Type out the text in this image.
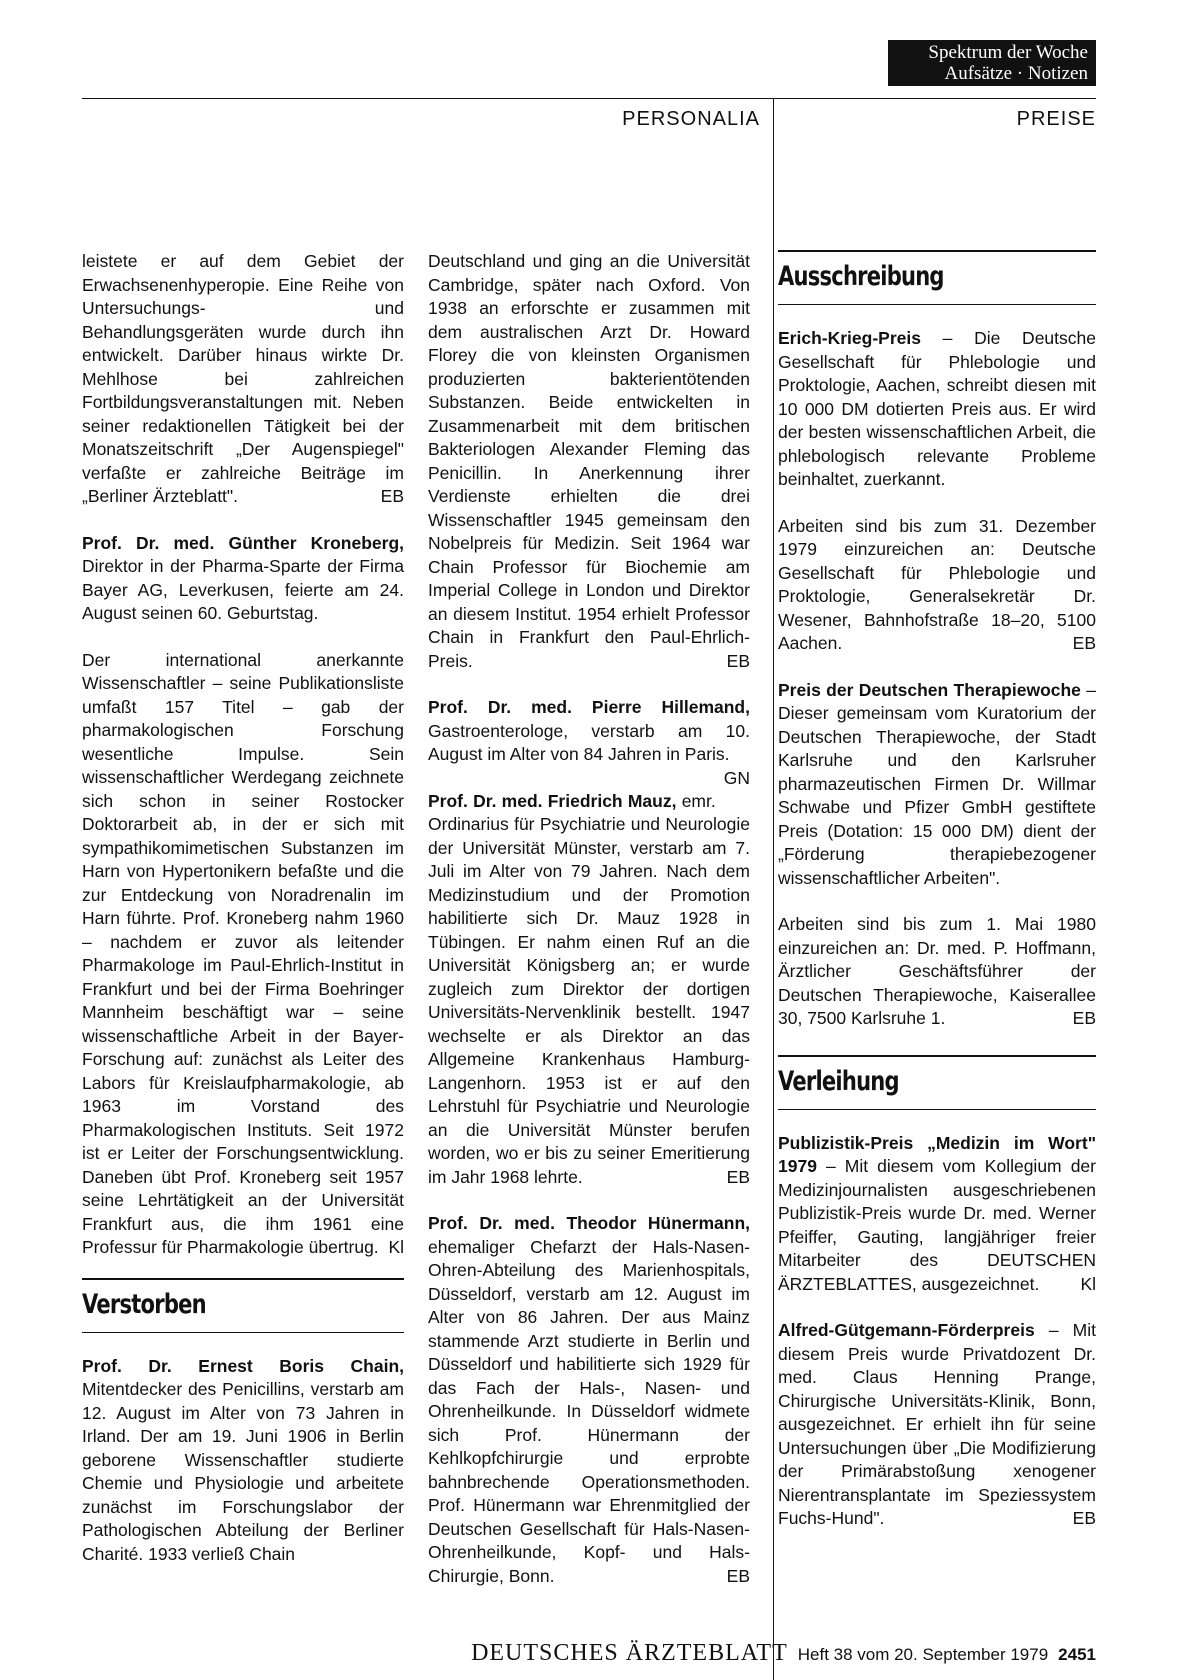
Spektrum der Woche
Aufsätze · Notizen
PERSONALIA	PREISE

leistete er auf dem Gebiet der Erwachsenenhyperopie. Eine Reihe von Untersuchungs- und Behandlungsgeräten wurde durch ihn entwickelt. Darüber hinaus wirkte Dr. Mehlhose bei zahlreichen Fortbildungsveranstaltungen mit. Neben seiner redaktionellen Tätigkeit bei der Monatszeitschrift „Der Augenspiegel" verfaßte er zahlreiche Beiträge im „Berliner Ärzteblatt".	EB

Prof. Dr. med. Günther Kroneberg, Direktor in der Pharma-Sparte der Firma Bayer AG, Leverkusen, feierte am 24. August seinen 60. Geburtstag.

Der international anerkannte Wissenschaftler – seine Publikationsliste umfaßt 157 Titel – gab der pharmakologischen Forschung wesentliche Impulse. Sein wissenschaftlicher Werdegang zeichnete sich schon in seiner Rostocker Doktorarbeit ab, in der er sich mit sympathikomimetischen Substanzen im Harn von Hypertonikern befaßte und die zur Entdeckung von Noradrenalin im Harn führte. Prof. Kroneberg nahm 1960 – nachdem er zuvor als leitender Pharmakologe im Paul-Ehrlich-Institut in Frankfurt und bei der Firma Boehringer Mannheim beschäftigt war – seine wissenschaftliche Arbeit in der Bayer-Forschung auf: zunächst als Leiter des Labors für Kreislaufpharmakologie, ab 1963 im Vorstand des Pharmakologischen Instituts. Seit 1972 ist er Leiter der Forschungsentwicklung. Daneben übt Prof. Kroneberg seit 1957 seine Lehrtätigkeit an der Universität Frankfurt aus, die ihm 1961 eine Professur für Pharmakologie übertrug. Kl

Verstorben

Prof. Dr. Ernest Boris Chain, Mitentdecker des Penicillins, verstarb am 12. August im Alter von 73 Jahren in Irland. Der am 19. Juni 1906 in Berlin geborene Wissenschaftler studierte Chemie und Physiologie und arbeitete zunächst im Forschungslabor der Pathologischen Abteilung der Berliner Charité. 1933 verließ Chain

Deutschland und ging an die Universität Cambridge, später nach Oxford. Von 1938 an erforschte er zusammen mit dem australischen Arzt Dr. Howard Florey die von kleinsten Organismen produzierten bakterientötenden Substanzen. Beide entwickelten in Zusammenarbeit mit dem britischen Bakteriologen Alexander Fleming das Penicillin. In Anerkennung ihrer Verdienste erhielten die drei Wissenschaftler 1945 gemeinsam den Nobelpreis für Medizin. Seit 1964 war Chain Professor für Biochemie am Imperial College in London und Direktor an diesem Institut. 1954 erhielt Professor Chain in Frankfurt den Paul-Ehrlich-Preis.	EB

Prof. Dr. med. Pierre Hillemand, Gastroenterologe, verstarb am 10. August im Alter von 84 Jahren in Paris.
GN

Prof. Dr. med. Friedrich Mauz, emr. Ordinarius für Psychiatrie und Neurologie der Universität Münster, verstarb am 7. Juli im Alter von 79 Jahren. Nach dem Medizinstudium und der Promotion habilitierte sich Dr. Mauz 1928 in Tübingen. Er nahm einen Ruf an die Universität Königsberg an; er wurde zugleich zum Direktor der dortigen Universitäts-Nervenklinik bestellt. 1947 wechselte er als Direktor an das Allgemeine Krankenhaus Hamburg-Langenhorn. 1953 ist er auf den Lehrstuhl für Psychiatrie und Neurologie an die Universität Münster berufen worden, wo er bis zu seiner Emeritierung im Jahr 1968 lehrte.	EB

Prof. Dr. med. Theodor Hünermann, ehemaliger Chefarzt der Hals-Nasen-Ohren-Abteilung des Marienhospitals, Düsseldorf, verstarb am 12. August im Alter von 86 Jahren. Der aus Mainz stammende Arzt studierte in Berlin und Düsseldorf und habilitierte sich 1929 für das Fach der Hals-, Nasen- und Ohrenheilkunde. In Düsseldorf widmete sich Prof. Hünermann der Kehlkopfchirurgie und erprobte bahnbrechende Operationsmethoden. Prof. Hünermann war Ehrenmitglied der Deutschen Gesellschaft für Hals-Nasen-Ohrenheilkunde, Kopf- und Hals-Chirurgie, Bonn.	EB

Ausschreibung

Erich-Krieg-Preis – Die Deutsche Gesellschaft für Phlebologie und Proktologie, Aachen, schreibt diesen mit 10 000 DM dotierten Preis aus. Er wird der besten wissenschaftlichen Arbeit, die phlebologisch relevante Probleme beinhaltet, zuerkannt.

Arbeiten sind bis zum 31. Dezember 1979 einzureichen an: Deutsche Gesellschaft für Phlebologie und Proktologie, Generalsekretär Dr. Wesener, Bahnhofstraße 18–20, 5100 Aachen.	EB

Preis der Deutschen Therapiewoche – Dieser gemeinsam vom Kuratorium der Deutschen Therapiewoche, der Stadt Karlsruhe und den Karlsruher pharmazeutischen Firmen Dr. Willmar Schwabe und Pfizer GmbH gestiftete Preis (Dotation: 15 000 DM) dient der „Förderung therapiebezogener wissenschaftlicher Arbeiten".

Arbeiten sind bis zum 1. Mai 1980 einzureichen an: Dr. med. P. Hoffmann, Ärztlicher Geschäftsführer der Deutschen Therapiewoche, Kaiserallee 30, 7500 Karlsruhe 1.	EB

Verleihung

Publizistik-Preis „Medizin im Wort" 1979 – Mit diesem vom Kollegium der Medizinjournalisten ausgeschriebenen Publizistik-Preis wurde Dr. med. Werner Pfeiffer, Gauting, langjähriger freier Mitarbeiter des DEUTSCHEN ÄRZTEBLATTES, ausgezeichnet. Kl

Alfred-Gütgemann-Förderpreis – Mit diesem Preis wurde Privatdozent Dr. med. Claus Henning Prange, Chirurgische Universitäts-Klinik, Bonn, ausgezeichnet. Er erhielt ihn für seine Untersuchungen über „Die Modifizierung der Primärabstoßung xenogener Nierentransplantate im Speziessystem Fuchs-Hund".	EB

DEUTSCHES ÄRZTEBLATT Heft 38 vom 20. September 1979 2451
